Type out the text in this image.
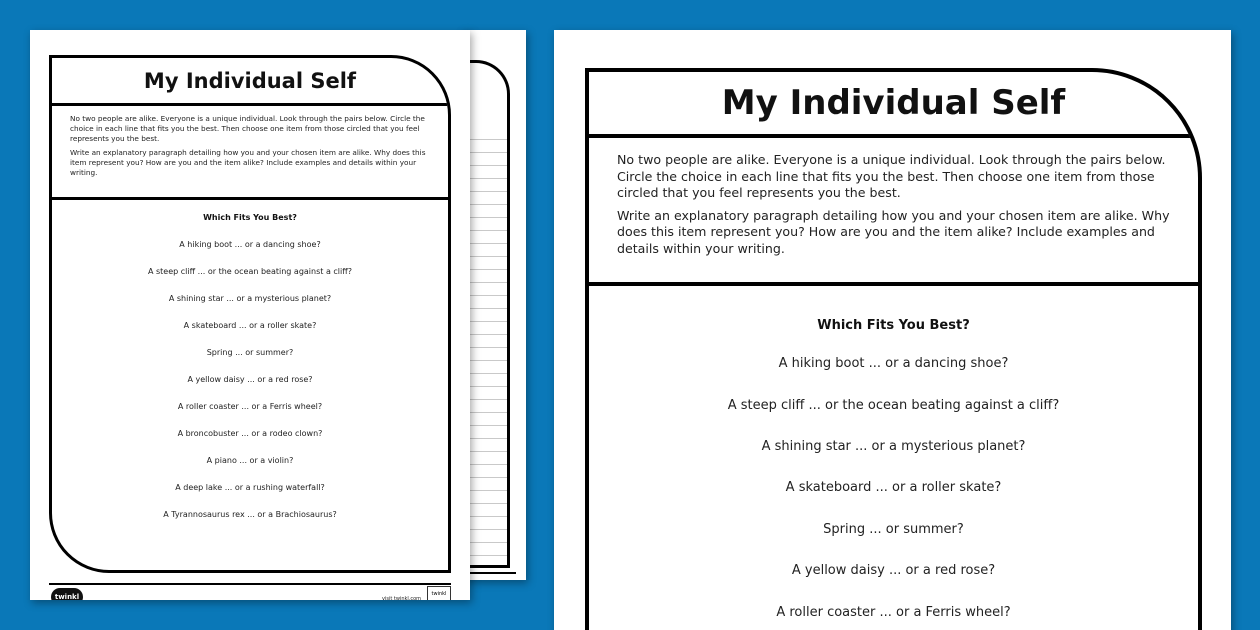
My Individual Self

No two people are alike. Everyone is a unique individual. Look through the pairs below. Circle the choice in each line that fits you the best. Then choose one item from those circled that you feel represents you the best.

Write an explanatory paragraph detailing how you and your chosen item are alike. Why does this item represent you? How are you and the item alike? Include examples and details within your writing.

Which Fits You Best?
A hiking boot ... or a dancing shoe?
A steep cliff ... or the ocean beating against a cliff?
A shining star ... or a mysterious planet?
A skateboard ... or a roller skate?
Spring ... or summer?
A yellow daisy ... or a red rose?
A roller coaster ... or a Ferris wheel?
A broncobuster ... or a rodeo clown?
A piano ... or a violin?
A deep lake ... or a rushing waterfall?
A Tyrannosaurus rex ... or a Brachiosaurus?
twinkl	visit twinkl.com
twinkl
My Individual Self

No two people are alike. Everyone is a unique individual. Look through the pairs below. Circle the choice in each line that fits you the best. Then choose one item from those circled that you feel represents you the best.

Write an explanatory paragraph detailing how you and your chosen item are alike. Why does this item represent you? How are you and the item alike? Include examples and details within your writing.

Which Fits You Best?
A hiking boot ... or a dancing shoe?
A steep cliff ... or the ocean beating against a cliff?
A shining star ... or a mysterious planet?
A skateboard ... or a roller skate?
Spring ... or summer?
A yellow daisy ... or a red rose?
A roller coaster ... or a Ferris wheel?
